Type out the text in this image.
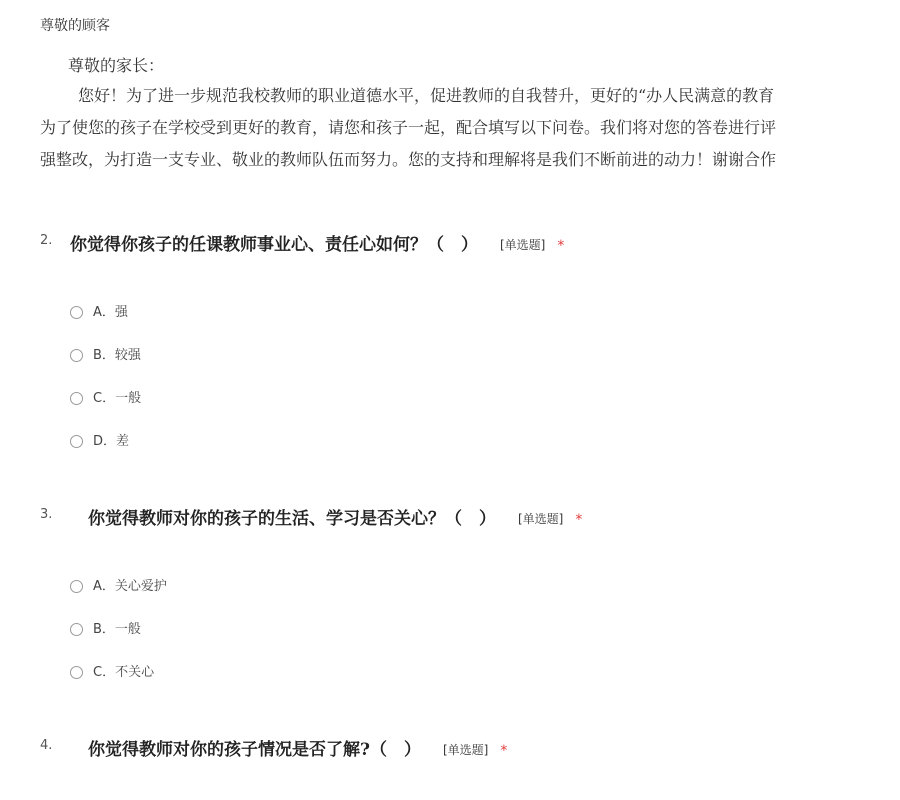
尊敬的顾客
尊敬的家长：
您好！为了进一步规范我校教师的职业道德水平，促进教师的自我替升，更好的“办人民满意的教育
为了使您的孩子在学校受到更好的教育，请您和孩子一起，配合填写以下问卷。我们将对您的答卷进行评
强整改，为打造一支专业、敬业的教师队伍而努力。您的支持和理解将是我们不断前进的动力！谢谢合作
2. 你觉得你孩子的任课教师事业心、责任心如何？（　） [单选题] *
A．强
B．较强
C．一般
D．差
3. 你觉得教师对你的孩子的生活、学习是否关心？（　） [单选题] *
A．关心爱护
B．一般
C．不关心
4. 你觉得教师对你的孩子情况是否了解?（　） [单选题] *
